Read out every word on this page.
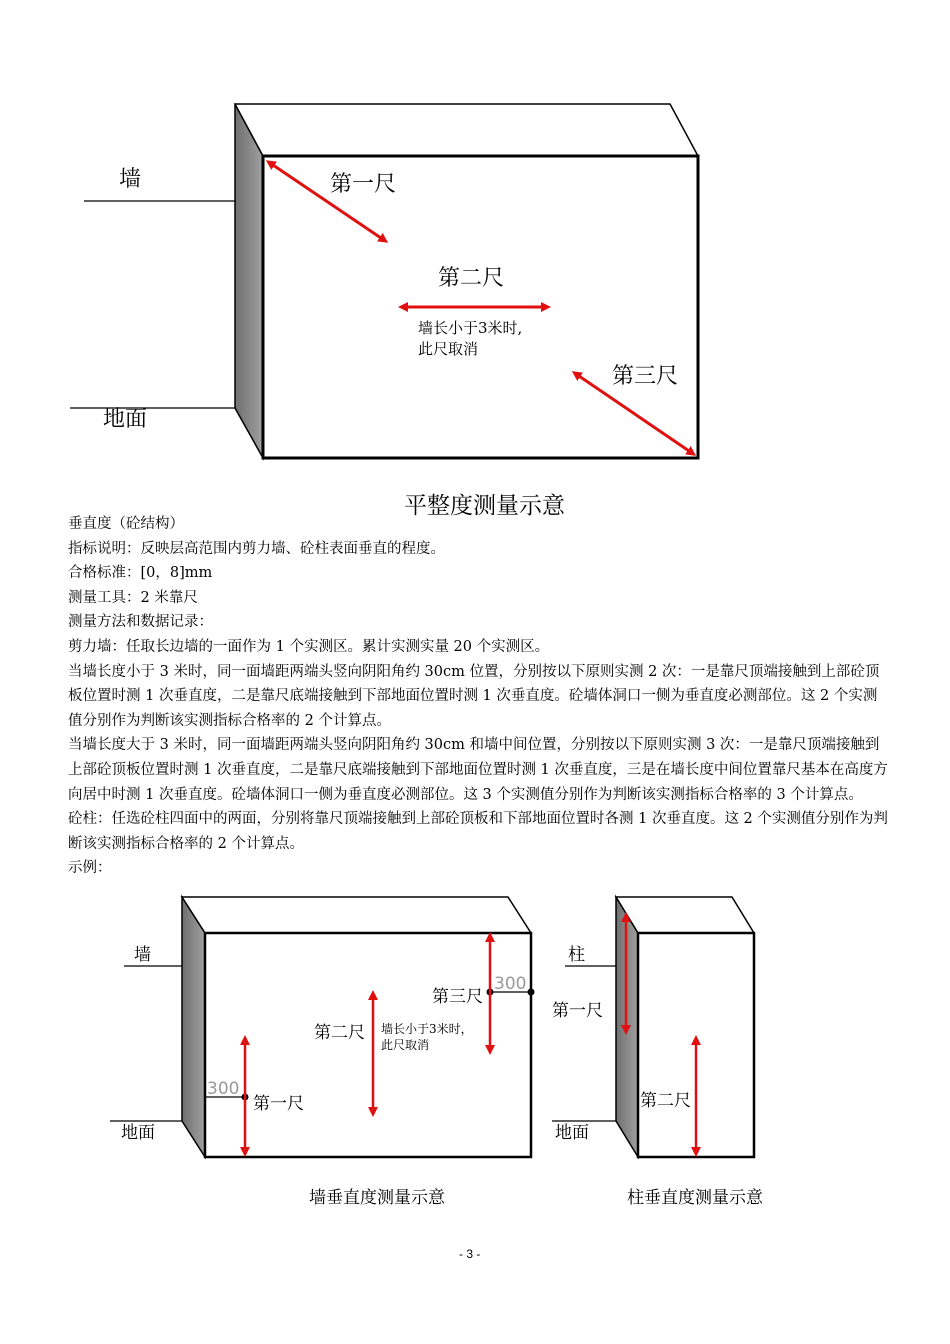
墙
地面
第一尺
第二尺
墙长小于3米时,
此尺取消
第三尺
平整度测量示意

垂直度（砼结构）

指标说明：反映层高范围内剪力墙、砼柱表面垂直的程度。

合格标准：[0，8]mm

测量工具：2 米靠尺

测量方法和数据记录：

剪力墙：任取长边墙的一面作为 1 个实测区。累计实测实量 20 个实测区。

当墙长度小于 3 米时，同一面墙距两端头竖向阴阳角约 30cm 位置，分别按以下原则实测 2 次：一是靠尺顶端接触到上部砼顶板位置时测 1 次垂直度，二是靠尺底端接触到下部地面位置时测 1 次垂直度。砼墙体洞口一侧为垂直度必测部位。这 2 个实测值分别作为判断该实测指标合格率的 2 个计算点。

当墙长度大于 3 米时，同一面墙距两端头竖向阴阳角约 30cm 和墙中间位置，分别按以下原则实测 3 次：一是靠尺顶端接触到上部砼顶板位置时测 1 次垂直度，二是靠尺底端接触到下部地面位置时测 1 次垂直度，三是在墙长度中间位置靠尺基本在高度方向居中时测 1 次垂直度。砼墙体洞口一侧为垂直度必测部位。这 3 个实测值分别作为判断该实测指标合格率的 3 个计算点。

砼柱：任选砼柱四面中的两面，分别将靠尺顶端接触到上部砼顶板和下部地面位置时各测 1 次垂直度。这 2 个实测值分别作为判断该实测指标合格率的 2 个计算点。

示例：

墙
地面
300
第一尺
第二尺 墙长小于3米时，
此尺取消
第三尺
300
墙垂直度测量示意
柱
第一尺
第二尺
地面
柱垂直度测量示意
- 3 -
